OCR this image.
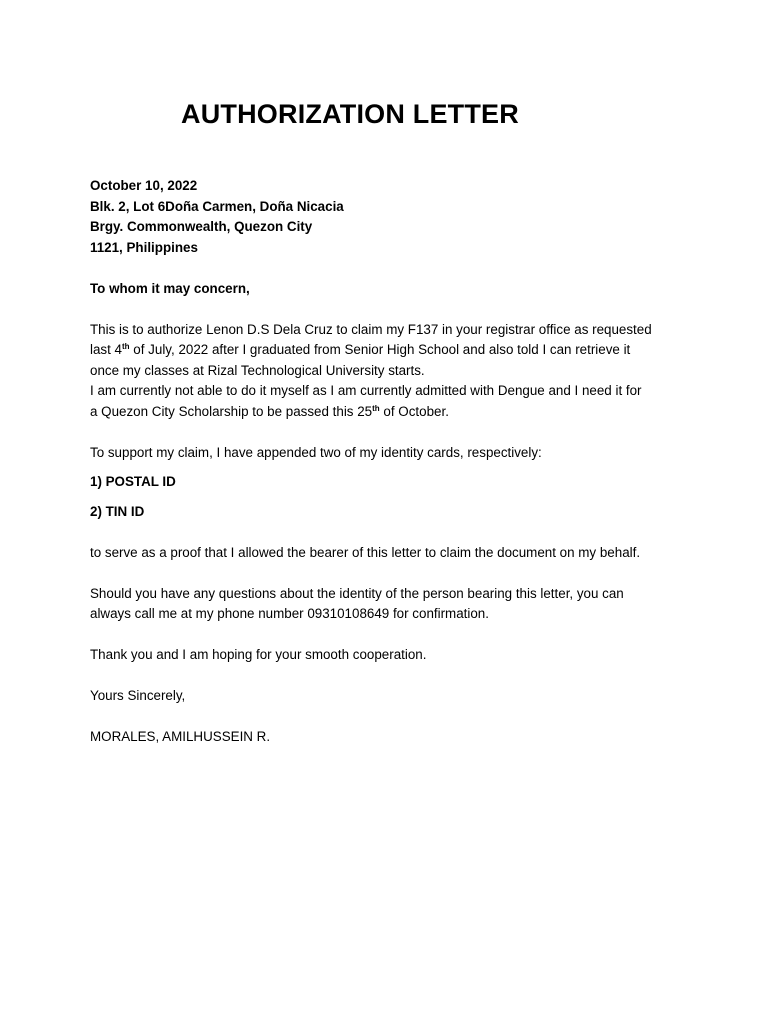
AUTHORIZATION LETTER

October 10, 2022

Blk. 2, Lot 6Doña Carmen, Doña Nicacia

Brgy. Commonwealth, Quezon City

1121, Philippines

To whom it may concern,

This is to authorize Lenon D.S Dela Cruz to claim my F137 in your registrar office as requested

last 4th of July, 2022 after I graduated from Senior High School and also told I can retrieve it

once my classes at Rizal Technological University starts.

I am currently not able to do it myself as I am currently admitted with Dengue and I need it for

a Quezon City Scholarship to be passed this 25th of October.

To support my claim, I have appended two of my identity cards, respectively:

1) POSTAL ID

2) TIN ID

to serve as a proof that I allowed the bearer of this letter to claim the document on my behalf.

Should you have any questions about the identity of the person bearing this letter, you can

always call me at my phone number 09310108649 for confirmation.

Thank you and I am hoping for your smooth cooperation.

Yours Sincerely,

MORALES, AMILHUSSEIN R.
